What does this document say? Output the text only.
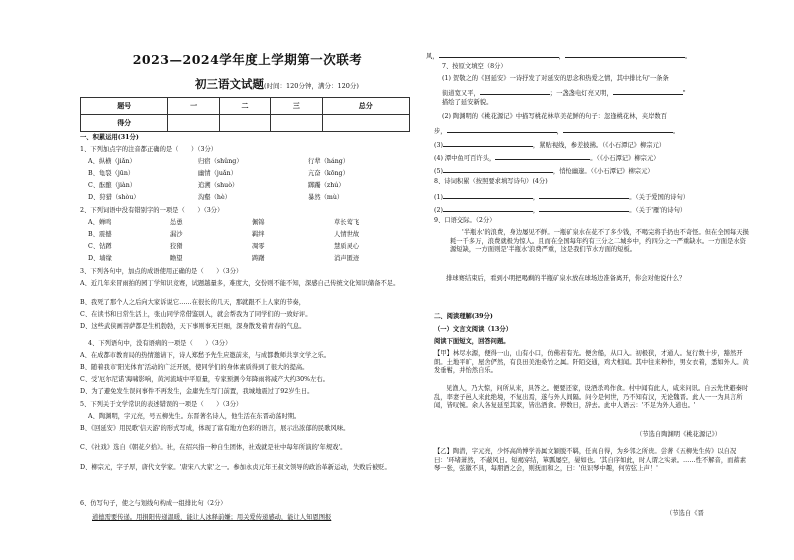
2023—2024学年度上学期第一次联考
初三语文试题(时间：120分钟，满分：120分)
题号	一	二	三	总分
得分				
一、积累运用(31分)
1、下列加点字的注音都正确的是（　　）（3分）
A、纵横（jiǎn）	归宿（shǔng）	行辈（háng）
B、龟裂（jūn）	幽情（juǎn）	亢奋（kōng）
C、酝酿（jiàn）	追溯（shuò）	踯躅（zhú）
D、狩猎（shòu）	沟壑（hè）	暴然（mù）
2、下列词语中没有错别字的一项是（　　）（3分）
A、蝉鸣	怂恿	佩锦	草长莺飞
B、震撼	漏沙	羁绊	人情世故
C、钻蹲	狡猾	凋零	慧质灵心
D、墙缘	瞻望	踌躇	消声匿迹
3、下列各句中，加点的成语使用正确的是（　　）（3分）
A、近几年来冒雨拍的园丁学知识竞赛，试题越量多，难度大，交份则不能不知，深感自己传统文化知识储备不足。
B、我死了那个人之后向大家诉说它……在很长的几天，那就跟不上人家的节奏，
C、在读书和日常生活上，张山同学常借鉴别人，就会帮我为了同学们的一致好评。
D、这些武侠画菩萨都是生机勃勃，天下事则事无巨细，深身散发着青春的气息。
4、下列语句中，没有语病的一项是（　　）（3分）
A、在成都市教育局的热情邀请下，诗人郑愁予先生应邀前来，与成都教师共享文学之乐。
B、随着我市'阳光体育'活动的广泛开展，使同学们的身体素质得到了很大的提高。
C、受'厄尔尼诺'海啸影响，黄河流域中平原量，专家预测今年降雨将减产大约30%左右。
D、为了避免发生误问事件不再发生，金庸先生写门前置，我城地震过了92岁生日。
5、下列关于文学常识的表述错误的一项是（　　）（3分）
A、陶渊明，字元亮，号五柳先生。东晋著名诗人，他生活在东晋动荡时期。
B、《回延安》用民歌'信天游'的形式写成，体现了富有地方色彩的语言，展示出浓郁的民歌风味。
C、《社戏》选自《朝花夕拾》。社，在绍兴指一种自生团体，社戏就是社中每年所演的'年规戏'。
D、柳宗元，字子厚，唐代文学家。'唐宋八大家'之一。参加永贞元年王叔文领导的政治革新运动，失败后被贬。
6、仿写句子，使之与划线句构成一组排比句（2分）
道德需要传递。用捐阳传递温暖，能让人冰释前嫌；用关爱传递感动，能让人知恩图报
风，	，	。
7、按原文填空（8分）
(1) 贺敬之的《回延安》一诗抒发了对延安的思念和热爱之情，其中排比句'一条条
街道宽又平，	；一盏盏电灯亮又明，	"
描绘了延安新貌。
(2) 陶渊明的《桃花源记》中描写桃花林草美花鲜的句子：忽逢桃花林，夹岸数百
步，	，	。
(3)	，紧贴视线，参差披拂。（《小石潭记》柳宗元）
(4) 潭中鱼可百许头，	。（《小石潭记》柳宗元）
(5)	，悄怆幽邃。（《小石潭记》柳宗元）
8、诗词积累（按照要求填写诗句）(4分)
(1)	，	。（关于爱国的诗句）
(2)	，	。（关于'雁'的诗句）
9、口语交际。（2分）
'半瓶水'的浪费，身边屡见不鲜。一瓶矿泉水在花不了多少钱，不喝完将手扔也不奇怪。但在全国每天损耗一千多万，浪费就极为惊人。且而在全国每年约有三分之二城乡中，约四分之一严重缺水。一方面是水资源短缺，一方面则是'半瓶水'浪费严重，这是我们节水方面的短板。
排球赛结束后，看到小明把喝剩的半瓶矿泉水放在球场边准备离开，你会对他说什么？
二、阅读理解(39分)
（一）文言文阅读（13分）
阅读下面短文，回答问题。
【甲】林尽水源，便得一山，山有小口，仿佛若有光。便舍船，从口入。初极狭，才通人。复行数十步，豁然开朗。土地平旷，屋舍俨然，有良田美池桑竹之属。阡陌交通，鸡犬相闻。其中往来种作，男女衣着，悉如外人。黄发垂髫，并怡然自乐。
见渔人，乃大惊，问所从来，具答之。便要还家，设酒杀鸡作食。村中闻有此人，咸来问讯。自云先世避秦时乱，率妻子邑人来此绝境，不复出焉，遂与外人间隔。问今是何世，乃不知有汉，无论魏晋。此人一一为具言所闻，皆叹惋。余人各复延至其家，皆出酒食。停数日，辞去。此中人语云：'不足为外人道也。'
（节选自陶渊明《桃花源记》）
【乙】陶潜，字元亮，少怀高尚博学善属文颖脱不羁，任真自得，为乡邻之所贵。尝著《五柳先生传》以自况曰：'环堵萧然，不蔽风日。短褐穿结，箪瓢屡空，晏如也。'其自序如此，时人谓之实录。……性不解音，而蓄素琴一张，弦徽不具，每朋酒之会，则抚而和之，曰：'但识琴中趣，何劳弦上声！'
（节选自《晋
